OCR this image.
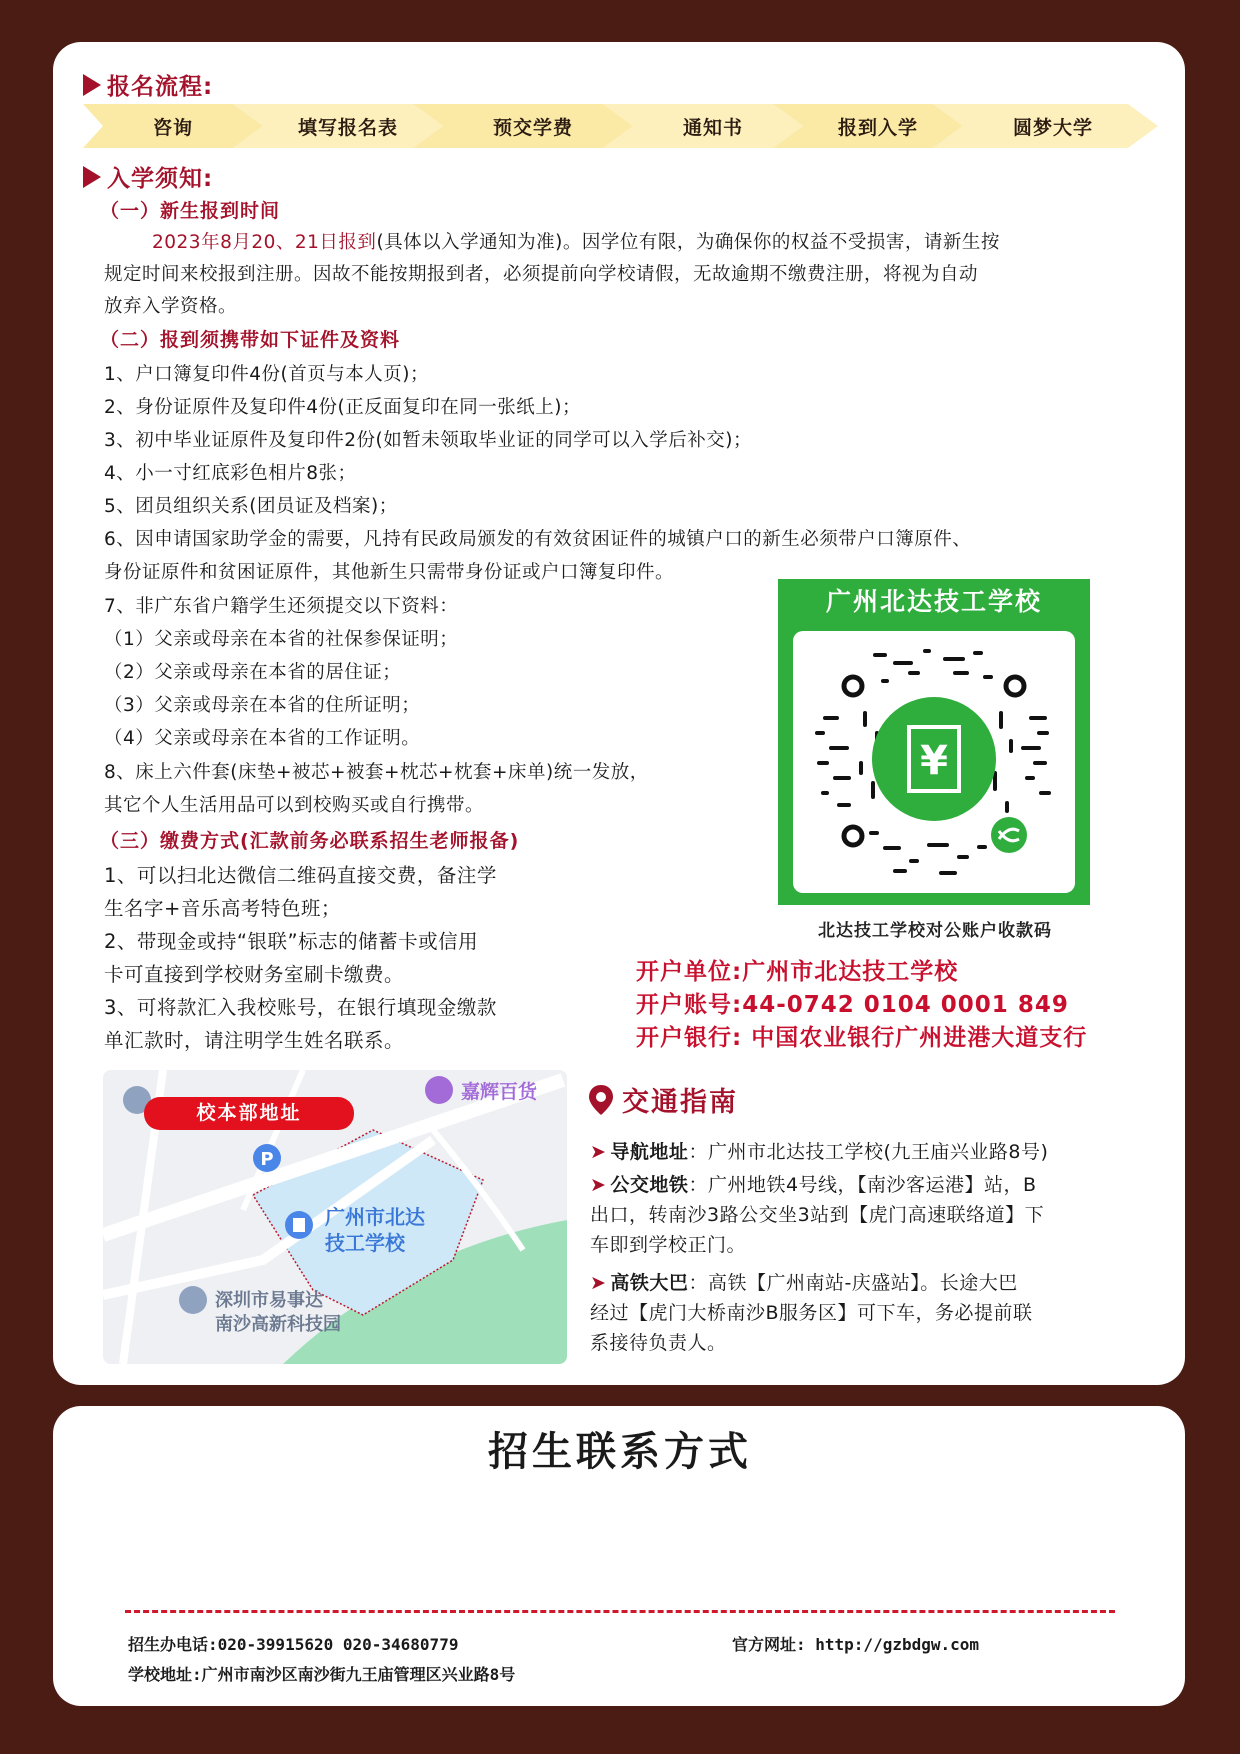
报名流程:
咨询	填写报名表	预交学费	通知书	报到入学	圆梦大学
入学须知:
（一）新生报到时间
2023年8月20、21日报到(具体以入学通知为准)。因学位有限，为确保你的权益不受损害，请新生按
规定时间来校报到注册。因故不能按期报到者，必须提前向学校请假，无故逾期不缴费注册，将视为自动
放弃入学资格。
（二）报到须携带如下证件及资料
1、户口簿复印件4份(首页与本人页)；
2、身份证原件及复印件4份(正反面复印在同一张纸上)；
3、初中毕业证原件及复印件2份(如暂未领取毕业证的同学可以入学后补交)；
4、小一寸红底彩色相片8张；
5、团员组织关系(团员证及档案)；
6、因申请国家助学金的需要，凡持有民政局颁发的有效贫困证件的城镇户口的新生必须带户口簿原件、
身份证原件和贫困证原件，其他新生只需带身份证或户口簿复印件。
7、非广东省户籍学生还须提交以下资料：
（1）父亲或母亲在本省的社保参保证明；
（2）父亲或母亲在本省的居住证；
（3）父亲或母亲在本省的住所证明；
（4）父亲或母亲在本省的工作证明。
8、床上六件套(床垫+被芯+被套+枕芯+枕套+床单)统一发放，
其它个人生活用品可以到校购买或自行携带。
（三）缴费方式(汇款前务必联系招生老师报备)
1、可以扫北达微信二维码直接交费，备注学
生名字+音乐高考特色班；
2、带现金或持“银联”标志的储蓄卡或信用
卡可直接到学校财务室刷卡缴费。
3、可将款汇入我校账号，在银行填现金缴款
单汇款时，请注明学生姓名联系。
广州北达技工学校
¥
北达技工学校对公账户收款码
开户单位:广州市北达技工学校
开户账号:44-0742 0104 0001 849
开户银行: 中国农业银行广州进港大道支行
P
嘉辉百货
广州市北达
技工学校
深圳市易事达
南沙高新科技园
校本部地址	交通指南
➤ 导航地址：广州市北达技工学校(九王庙兴业路8号)
➤ 公交地铁：广州地铁4号线，【南沙客运港】站，B
出口，转南沙3路公交坐3站到【虎门高速联络道】下
车即到学校正门。
➤ 高铁大巴：高铁【广州南站-庆盛站】。长途大巴
经过【虎门大桥南沙B服务区】可下车，务必提前联
系接待负责人。
招生联系方式
招生办电话:020-39915620 020-34680779	官方网址: http://gzbdgw.com
学校地址:广州市南沙区南沙街九王庙管理区兴业路8号
